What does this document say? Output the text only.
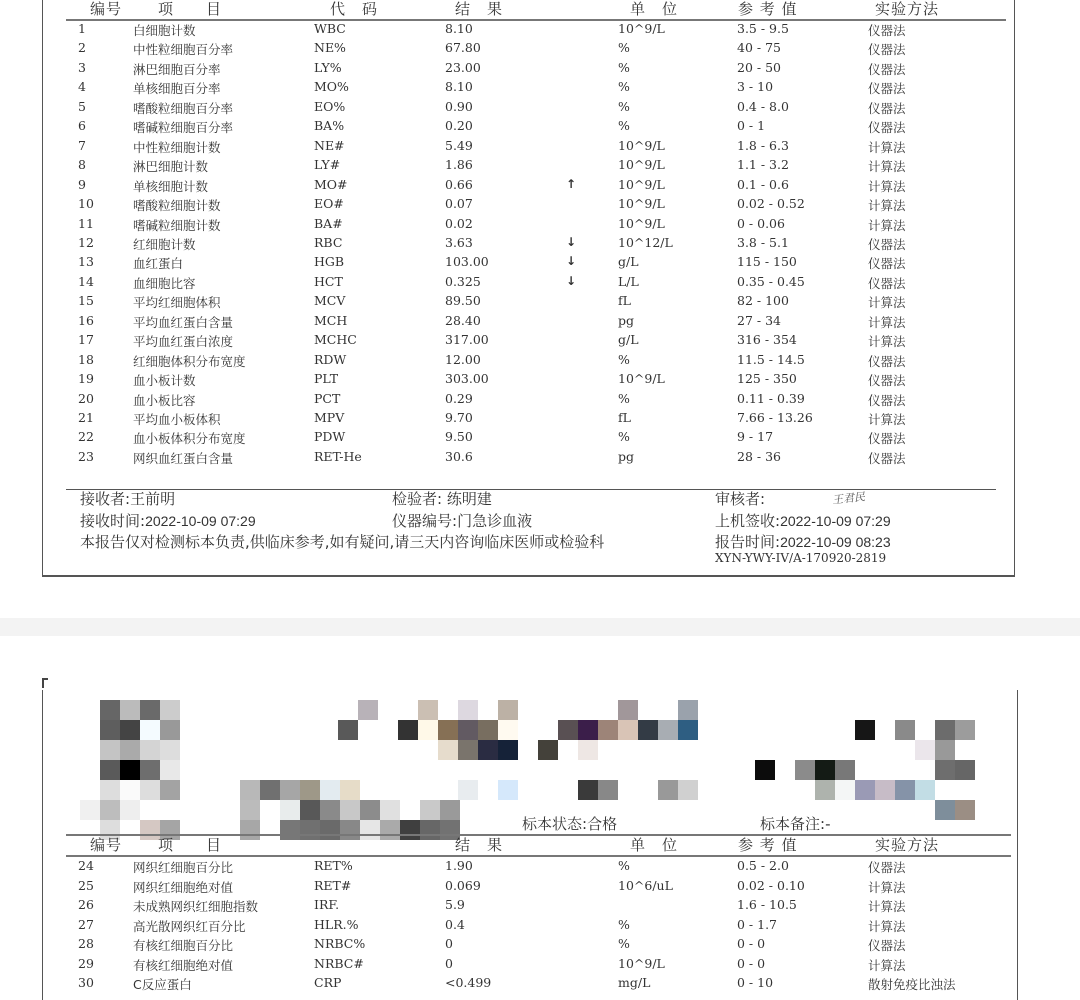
编号 项　　目	代　码	结　果	单　位	参 考 值	实验方法
1	白细胞计数	WBC	8.10	10^9/L	3.5 - 9.5	仪器法
2	中性粒细胞百分率	NE%	67.80	%	40 - 75	仪器法
3	淋巴细胞百分率	LY%	23.00	%	20 - 50	仪器法
4	单核细胞百分率	MO%	8.10	%	3 - 10	仪器法
5	嗜酸粒细胞百分率	EO%	0.90	%	0.4 - 8.0	仪器法
6	嗜碱粒细胞百分率	BA%	0.20	%	0 - 1	仪器法
7	中性粒细胞计数	NE#	5.49	10^9/L	1.8 - 6.3	计算法
8	淋巴细胞计数	LY#	1.86	10^9/L	1.1 - 3.2	计算法
9	单核细胞计数	MO#	0.66	↑	10^9/L	0.1 - 0.6	计算法
10	嗜酸粒细胞计数	EO#	0.07	10^9/L	0.02 - 0.52	计算法
11	嗜碱粒细胞计数	BA#	0.02	10^9/L	0 - 0.06	计算法
12	红细胞计数	RBC	3.63	↓	10^12/L	3.8 - 5.1	仪器法
13	血红蛋白	HGB	103.00	↓	g/L	115 - 150	仪器法
14	血细胞比容	HCT	0.325	↓	L/L	0.35 - 0.45	仪器法
15	平均红细胞体积	MCV	89.50	fL	82 - 100	计算法
16	平均血红蛋白含量	MCH	28.40	pg	27 - 34	计算法
17	平均血红蛋白浓度	MCHC	317.00	g/L	316 - 354	计算法
18	红细胞体积分布宽度	RDW	12.00	%	11.5 - 14.5	仪器法
19	血小板计数	PLT	303.00	10^9/L	125 - 350	仪器法
20	血小板比容	PCT	0.29	%	0.11 - 0.39	仪器法
21	平均血小板体积	MPV	9.70	fL	7.66 - 13.26	计算法
22	血小板体积分布宽度	PDW	9.50	%	9 - 17	仪器法
23	网织血红蛋白含量	RET-He	30.6	pg	28 - 36	仪器法
接收者:王前明	检验者: 练明建	审核者:	王君民
接收时间:2022-10-09 07:29	仪器编号:门急诊血液	上机签收:2022-10-09 07:29
本报告仅对检测标本负责,供临床参考,如有疑问,请三天内咨询临床医师或检验科	报告时间:2022-10-09 08:23
XYN-YWY-IV/A-170920-2819
标本状态:合格	标本备注:-
编号 项　　目	结　果	单　位	参 考 值	实验方法
24	网织红细胞百分比	RET%	1.90	%	0.5 - 2.0	仪器法
25	网织红细胞绝对值	RET#	0.069	10^6/uL	0.02 - 0.10	计算法
26	未成熟网织红细胞指数	IRF.	5.9	1.6 - 10.5	计算法
27	高光散网织红百分比	HLR.%	0.4	%	0 - 1.7	计算法
28	有核红细胞百分比	NRBC%	0	%	0 - 0	仪器法
29	有核红细胞绝对值	NRBC#	0	10^9/L	0 - 0	计算法
30	C反应蛋白	CRP	<0.499	mg/L	0 - 10	散射免疫比浊法
